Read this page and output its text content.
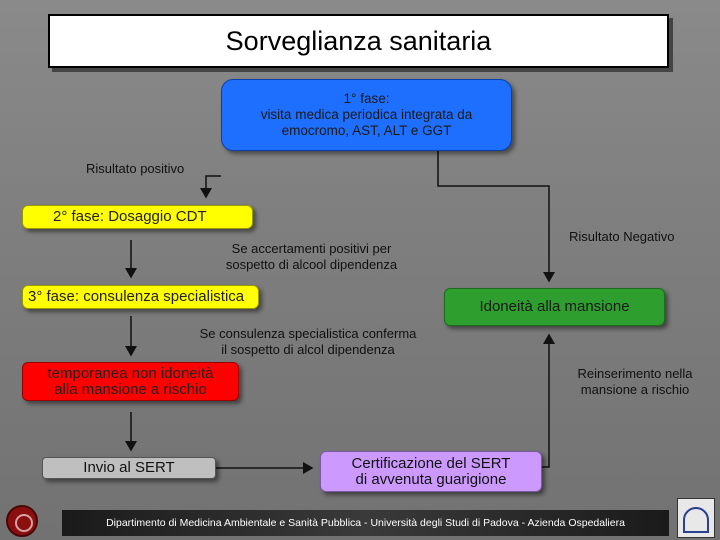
Sorveglianza sanitaria
1° fase:
visita medica periodica integrata da
emocromo, AST, ALT e GGT
Risultato positivo
2° fase: Dosaggio CDT
Risultato Negativo
Se accertamenti positivi per
sospetto di alcool dipendenza
3° fase: consulenza specialistica
Idoneità alla mansione
Se consulenza specialistica conferma
il sospetto di alcol dipendenza
temporanea non idoneità
alla mansione a rischio
Reinserimento nella
mansione a rischio
Invio al SERT	Certificazione del SERT
di avvenuta guarigione
Dipartimento di Medicina Ambientale e Sanità Pubblica - Università degli Studi di Padova - Azienda Ospedaliera
